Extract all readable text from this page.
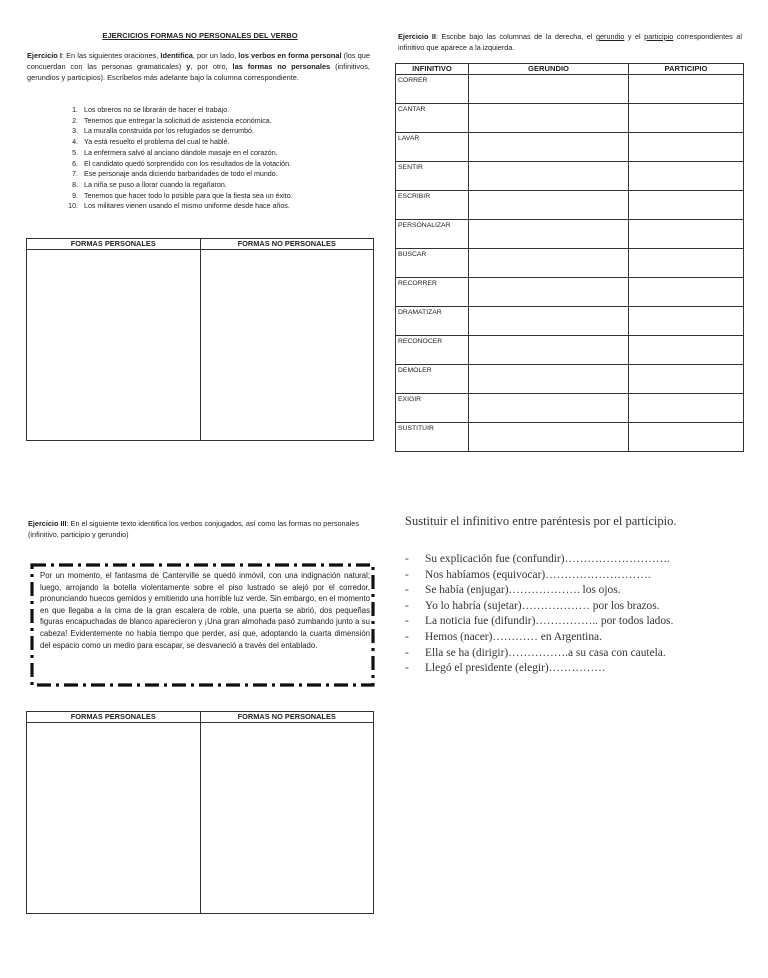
EJERCICIOS FORMAS NO PERSONALES DEL VERBO
Ejercicio I: En las siguientes oraciones, Identifica, por un lado, los verbos en forma personal (los que concuerdan con las personas gramaticales) y, por otro, las formas no personales (infinitivos, gerundios y participios). Escríbelos más adelante bajo la columna correspondiente.
1. Los obreros no se librarán de hacer el trabajo.
2. Tenemos que entregar la solicitud de asistencia económica.
3. La muralla construida por los refugiados se derrumbó.
4. Ya está resuelto el problema del cual te hablé.
5. La enfermera salvó al anciano dándole masaje en el corazón.
6. El candidato quedó sorprendido con los resultados de la votación.
7. Ese personaje anda diciendo barbaridades de todo el mundo.
8. La niña se puso a llorar cuando la regañaron.
9. Tenemos que hacer todo lo posible para que la fiesta sea un éxito.
10. Los militares vienen usando el mismo uniforme desde hace años.
FORMAS PERSONALES	FORMAS NO PERSONALES

Ejercicio II: Escribe bajo las columnas de la derecha, el gerundio y el participio correspondientes al infinitivo que aparece a la izquierda.
INFINITIVO	GERUNDIO	PARTICIPIO
CORRER		
CANTAR		
LAVAR		
SENTIR		
ESCRIBIR		
PERSONALIZAR		
BUSCAR		
RECORRER		
DRAMATIZAR		
RECONOCER		
DEMOLER		
EXIGIR		
SUSTITUIR		
Ejercicio III: En el siguiente texto identifica los verbos conjugados, así como las formas no personales (infinitivo, participio y gerundio)
Por un momento, el fantasma de Canterville se quedó inmóvil, con una indignación natural; luego, arrojando la botella violentamente sobre el piso lustrado se alejó por el corredor, pronunciando huecos gemidos y emitiendo una horrible luz verde. Sin embargo, en el momento en que llegaba a la cima de la gran escalera de roble, una puerta se abrió, dos pequeñas figuras encapuchadas de blanco aparecieron y ¡Una gran almohada pasó zumbando junto a su cabeza! Evidentemente no había tiempo que perder, así que, adoptando la cuarta dimensión del espacio como un medio para escapar, se desvaneció a través del entablado.
FORMAS PERSONALES	FORMAS NO PERSONALES

Sustituir el infinitivo entre paréntesis por el participio.
-	Su explicación fue (confundir)……………………….
-	Nos habíamos (equivocar)……………………….
-	Se había (enjugar)………………. los ojos.
-	Yo lo habría (sujetar)……………… por los brazos.
-	La noticia fue (difundir)…………….. por todos lados.
-	Hemos (nacer)………… en Argentina.
-	Ella se ha (dirigir)…………….a su casa con cautela.
-	Llegó el presidente (elegir)……………
